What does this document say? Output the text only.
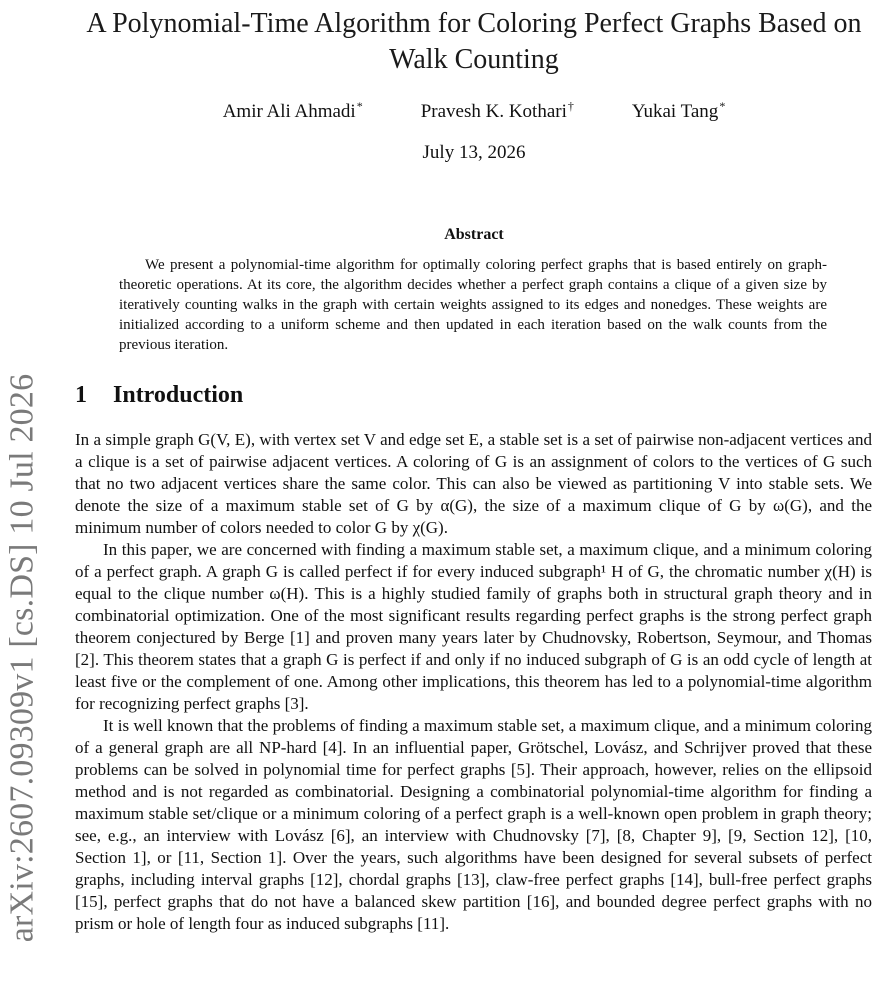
arXiv:2607.09309v1 [cs.DS] 10 Jul 2026
A Polynomial-Time Algorithm for Coloring Perfect Graphs Based on Walk Counting
Amir Ali Ahmadi*	Pravesh K. Kothari†	Yukai Tang*
July 13, 2026
Abstract

We present a polynomial-time algorithm for optimally coloring perfect graphs that is based entirely on graph-theoretic operations. At its core, the algorithm decides whether a perfect graph contains a clique of a given size by iteratively counting walks in the graph with certain weights assigned to its edges and nonedges. These weights are initialized according to a uniform scheme and then updated in each iteration based on the walk counts from the previous iteration.

1 Introduction

In a simple graph G(V, E), with vertex set V and edge set E, a stable set is a set of pairwise non-adjacent vertices and a clique is a set of pairwise adjacent vertices. A coloring of G is an assignment of colors to the vertices of G such that no two adjacent vertices share the same color. This can also be viewed as partitioning V into stable sets. We denote the size of a maximum stable set of G by α(G), the size of a maximum clique of G by ω(G), and the minimum number of colors needed to color G by χ(G).

In this paper, we are concerned with finding a maximum stable set, a maximum clique, and a minimum coloring of a perfect graph. A graph G is called perfect if for every induced subgraph¹ H of G, the chromatic number χ(H) is equal to the clique number ω(H). This is a highly studied family of graphs both in structural graph theory and in combinatorial optimization. One of the most significant results regarding perfect graphs is the strong perfect graph theorem conjectured by Berge [1] and proven many years later by Chudnovsky, Robertson, Seymour, and Thomas [2]. This theorem states that a graph G is perfect if and only if no induced subgraph of G is an odd cycle of length at least five or the complement of one. Among other implications, this theorem has led to a polynomial-time algorithm for recognizing perfect graphs [3].

It is well known that the problems of finding a maximum stable set, a maximum clique, and a minimum coloring of a general graph are all NP-hard [4]. In an influential paper, Grötschel, Lovász, and Schrijver proved that these problems can be solved in polynomial time for perfect graphs [5]. Their approach, however, relies on the ellipsoid method and is not regarded as combinatorial. Designing a combinatorial polynomial-time algorithm for finding a maximum stable set/clique or a minimum coloring of a perfect graph is a well-known open problem in graph theory; see, e.g., an interview with Lovász [6], an interview with Chudnovsky [7], [8, Chapter 9], [9, Section 12], [10, Section 1], or [11, Section 1]. Over the years, such algorithms have been designed for several subsets of perfect graphs, including interval graphs [12], chordal graphs [13], claw-free perfect graphs [14], bull-free perfect graphs [15], perfect graphs that do not have a balanced skew partition [16], and bounded degree perfect graphs with no prism or hole of length four as induced subgraphs [11].
